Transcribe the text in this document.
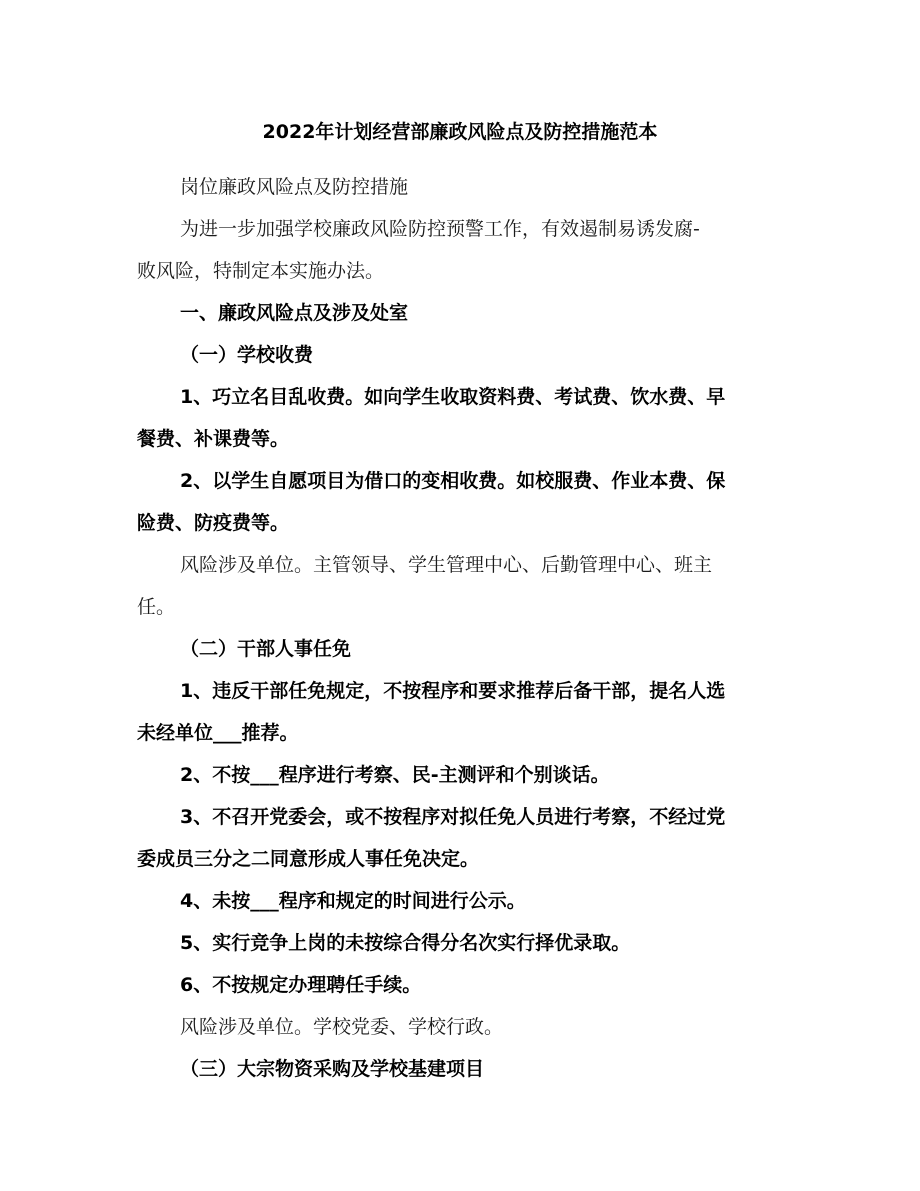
2022年计划经营部廉政风险点及防控措施范本
岗位廉政风险点及防控措施
为进一步加强学校廉政风险防控预警工作，有效遏制易诱发腐-
败风险，特制定本实施办法。
一、廉政风险点及涉及处室
（一）学校收费
1、巧立名目乱收费。如向学生收取资料费、考试费、饮水费、早
餐费、补课费等。
2、以学生自愿项目为借口的变相收费。如校服费、作业本费、保
险费、防疫费等。
风险涉及单位。主管领导、学生管理中心、后勤管理中心、班主
任。
（二）干部人事任免
1、违反干部任免规定，不按程序和要求推荐后备干部，提名人选
未经单位___推荐。
2、不按___程序进行考察、民-主测评和个别谈话。
3、不召开党委会，或不按程序对拟任免人员进行考察，不经过党
委成员三分之二同意形成人事任免决定。
4、未按___程序和规定的时间进行公示。
5、实行竞争上岗的未按综合得分名次实行择优录取。
6、不按规定办理聘任手续。
风险涉及单位。学校党委、学校行政。
（三）大宗物资采购及学校基建项目
